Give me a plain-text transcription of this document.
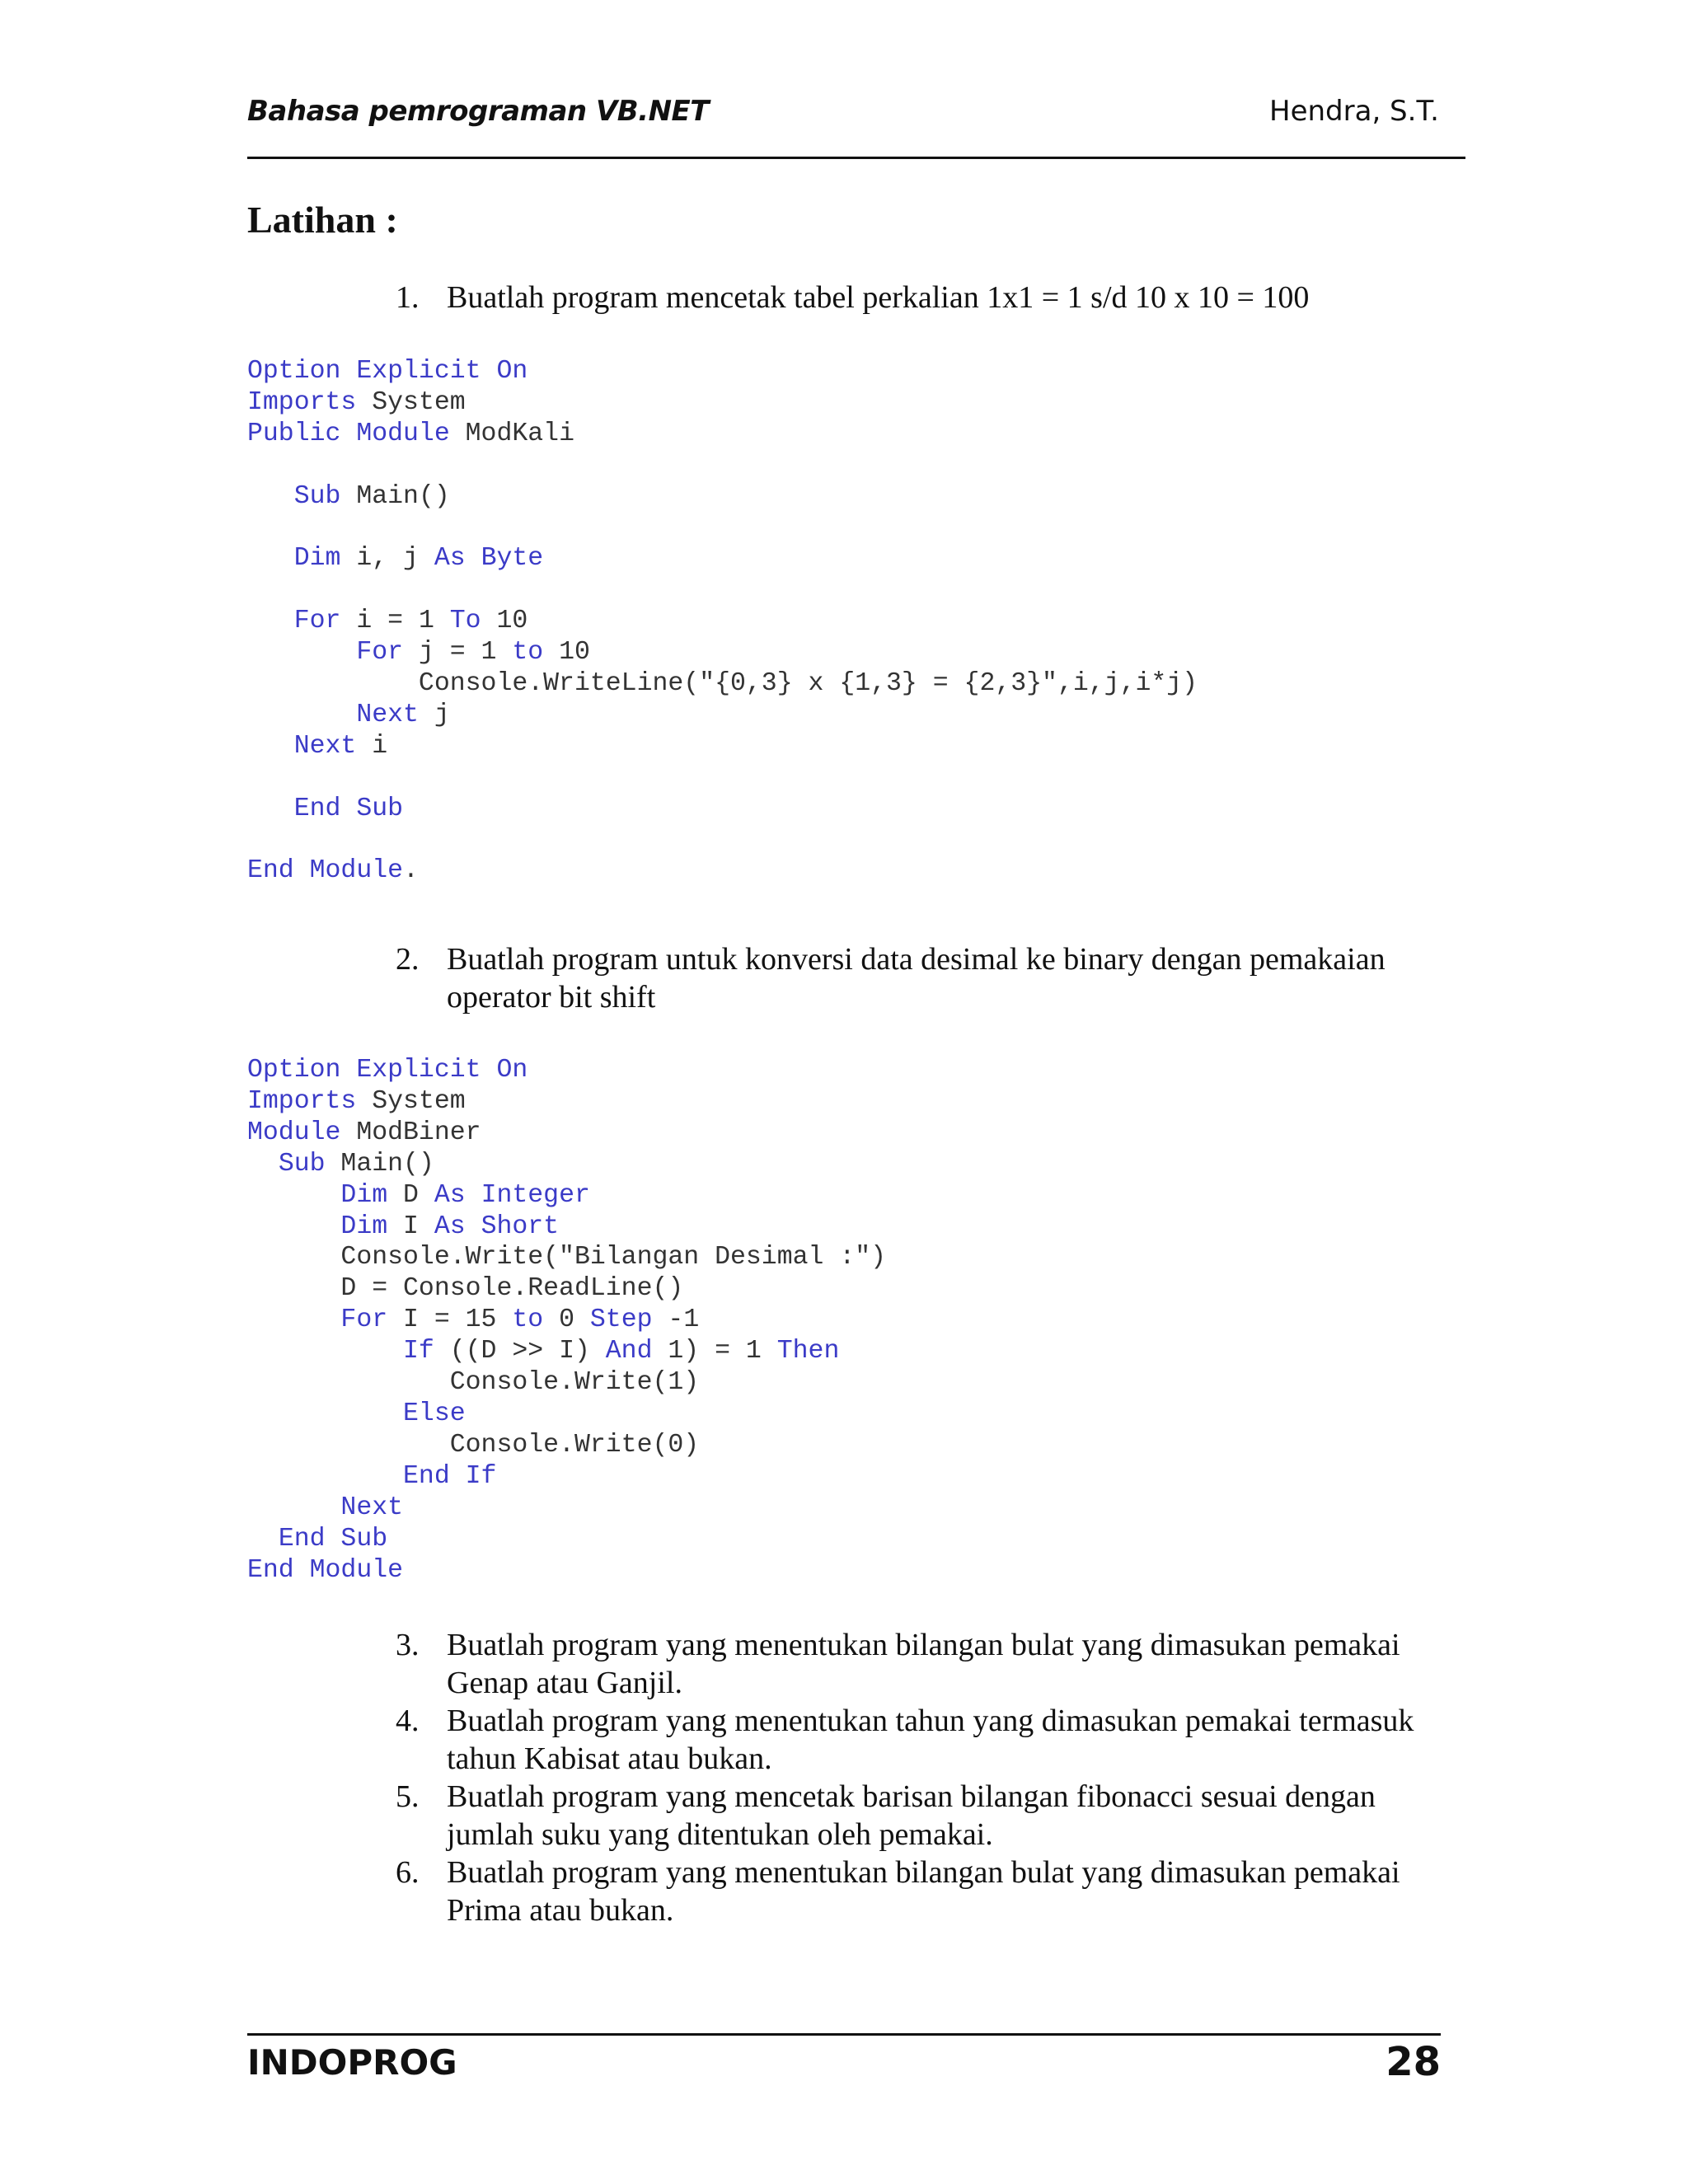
Bahasa pemrograman VB.NET	Hendra, S.T.
Latihan :
1. Buatlah program mencetak tabel perkalian 1x1 = 1 s/d 10 x 10 = 100
Option Explicit On
Imports System
Public Module ModKali
Sub Main()
Dim i, j As Byte
For i = 1 To 10
For j = 1 to 10
Console.WriteLine("{0,3} x {1,3} = {2,3}",i,j,i*j)
Next j
Next i
End Sub
End Module.
2. Buatlah program untuk konversi data desimal ke binary dengan pemakaian operator bit shift
Option Explicit On
Imports System
Module ModBiner
Sub Main()
Dim D As Integer
Dim I As Short
Console.Write("Bilangan Desimal :")
D = Console.ReadLine()
For I = 15 to 0 Step -1
If ((D >> I) And 1) = 1 Then
Console.Write(1)
Else
Console.Write(0)
End If
Next
End Sub
End Module
3. Buatlah program yang menentukan bilangan bulat yang dimasukan pemakai Genap atau Ganjil.
4. Buatlah program yang menentukan tahun yang dimasukan pemakai termasuk tahun Kabisat atau bukan.
5. Buatlah program yang mencetak barisan bilangan fibonacci sesuai dengan jumlah suku yang ditentukan oleh pemakai.
6. Buatlah program yang menentukan bilangan bulat yang dimasukan pemakai Prima atau bukan.
INDOPROG	28
